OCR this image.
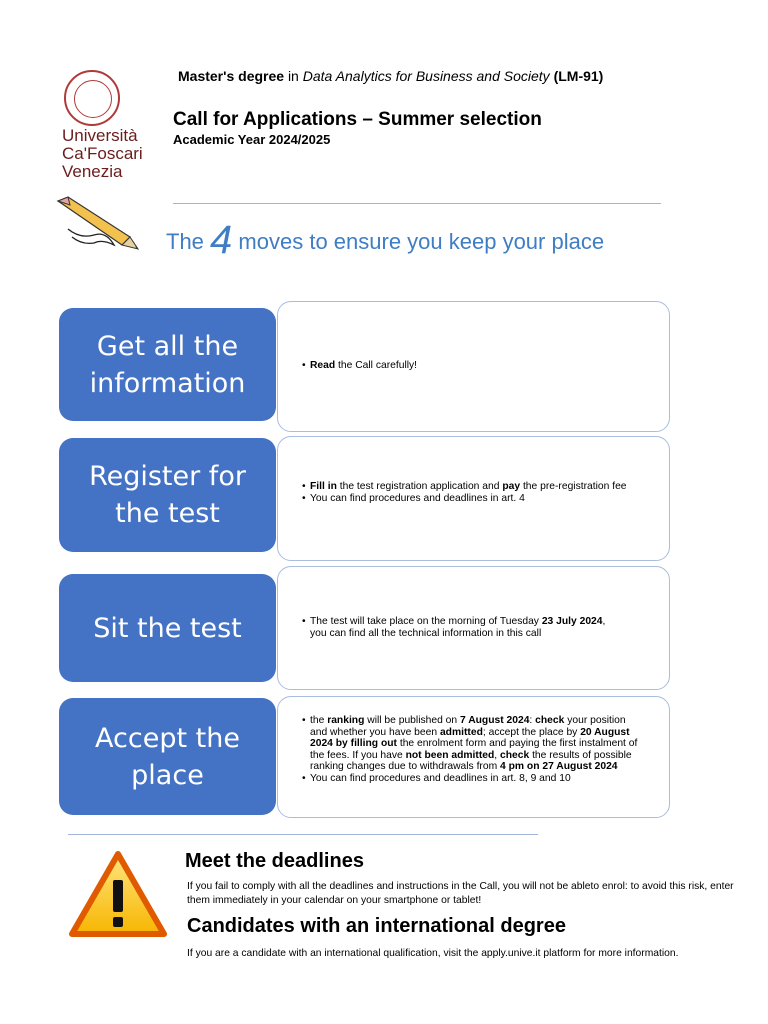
Università
Ca'Foscari
Venezia
Master's degree in Data Analytics for Business and Society (LM-91)
Call for Applications – Summer selection
Academic Year 2024/2025
The 4 moves to ensure you keep your place
Get all the information
• Read the Call carefully!
Register for the test
• Fill in the test registration application and pay the pre-registration fee
• You can find procedures and deadlines in art. 4
Sit the test
•	The test will take place on the morning of Tuesday 23 July 2024, you can find all the technical information in this call
Accept the place
• the ranking will be published on 7 August 2024: check your position and whether you have been admitted; accept the place by 20 August 2024 by filling out the enrolment form and paying the first instalment of the fees. If you have not been admitted, check the results of possible ranking changes due to withdrawals from 4 pm on 27 August 2024
• You can find procedures and deadlines in art. 8, 9 and 10
Meet the deadlines
If you fail to comply with all the deadlines and instructions in the Call, you will not be ableto enrol: to avoid this risk, enter them immediately in your calendar on your smartphone or tablet!
Candidates with an international degree
If you are a candidate with an international qualification, visit the apply.unive.it platform for more information.
